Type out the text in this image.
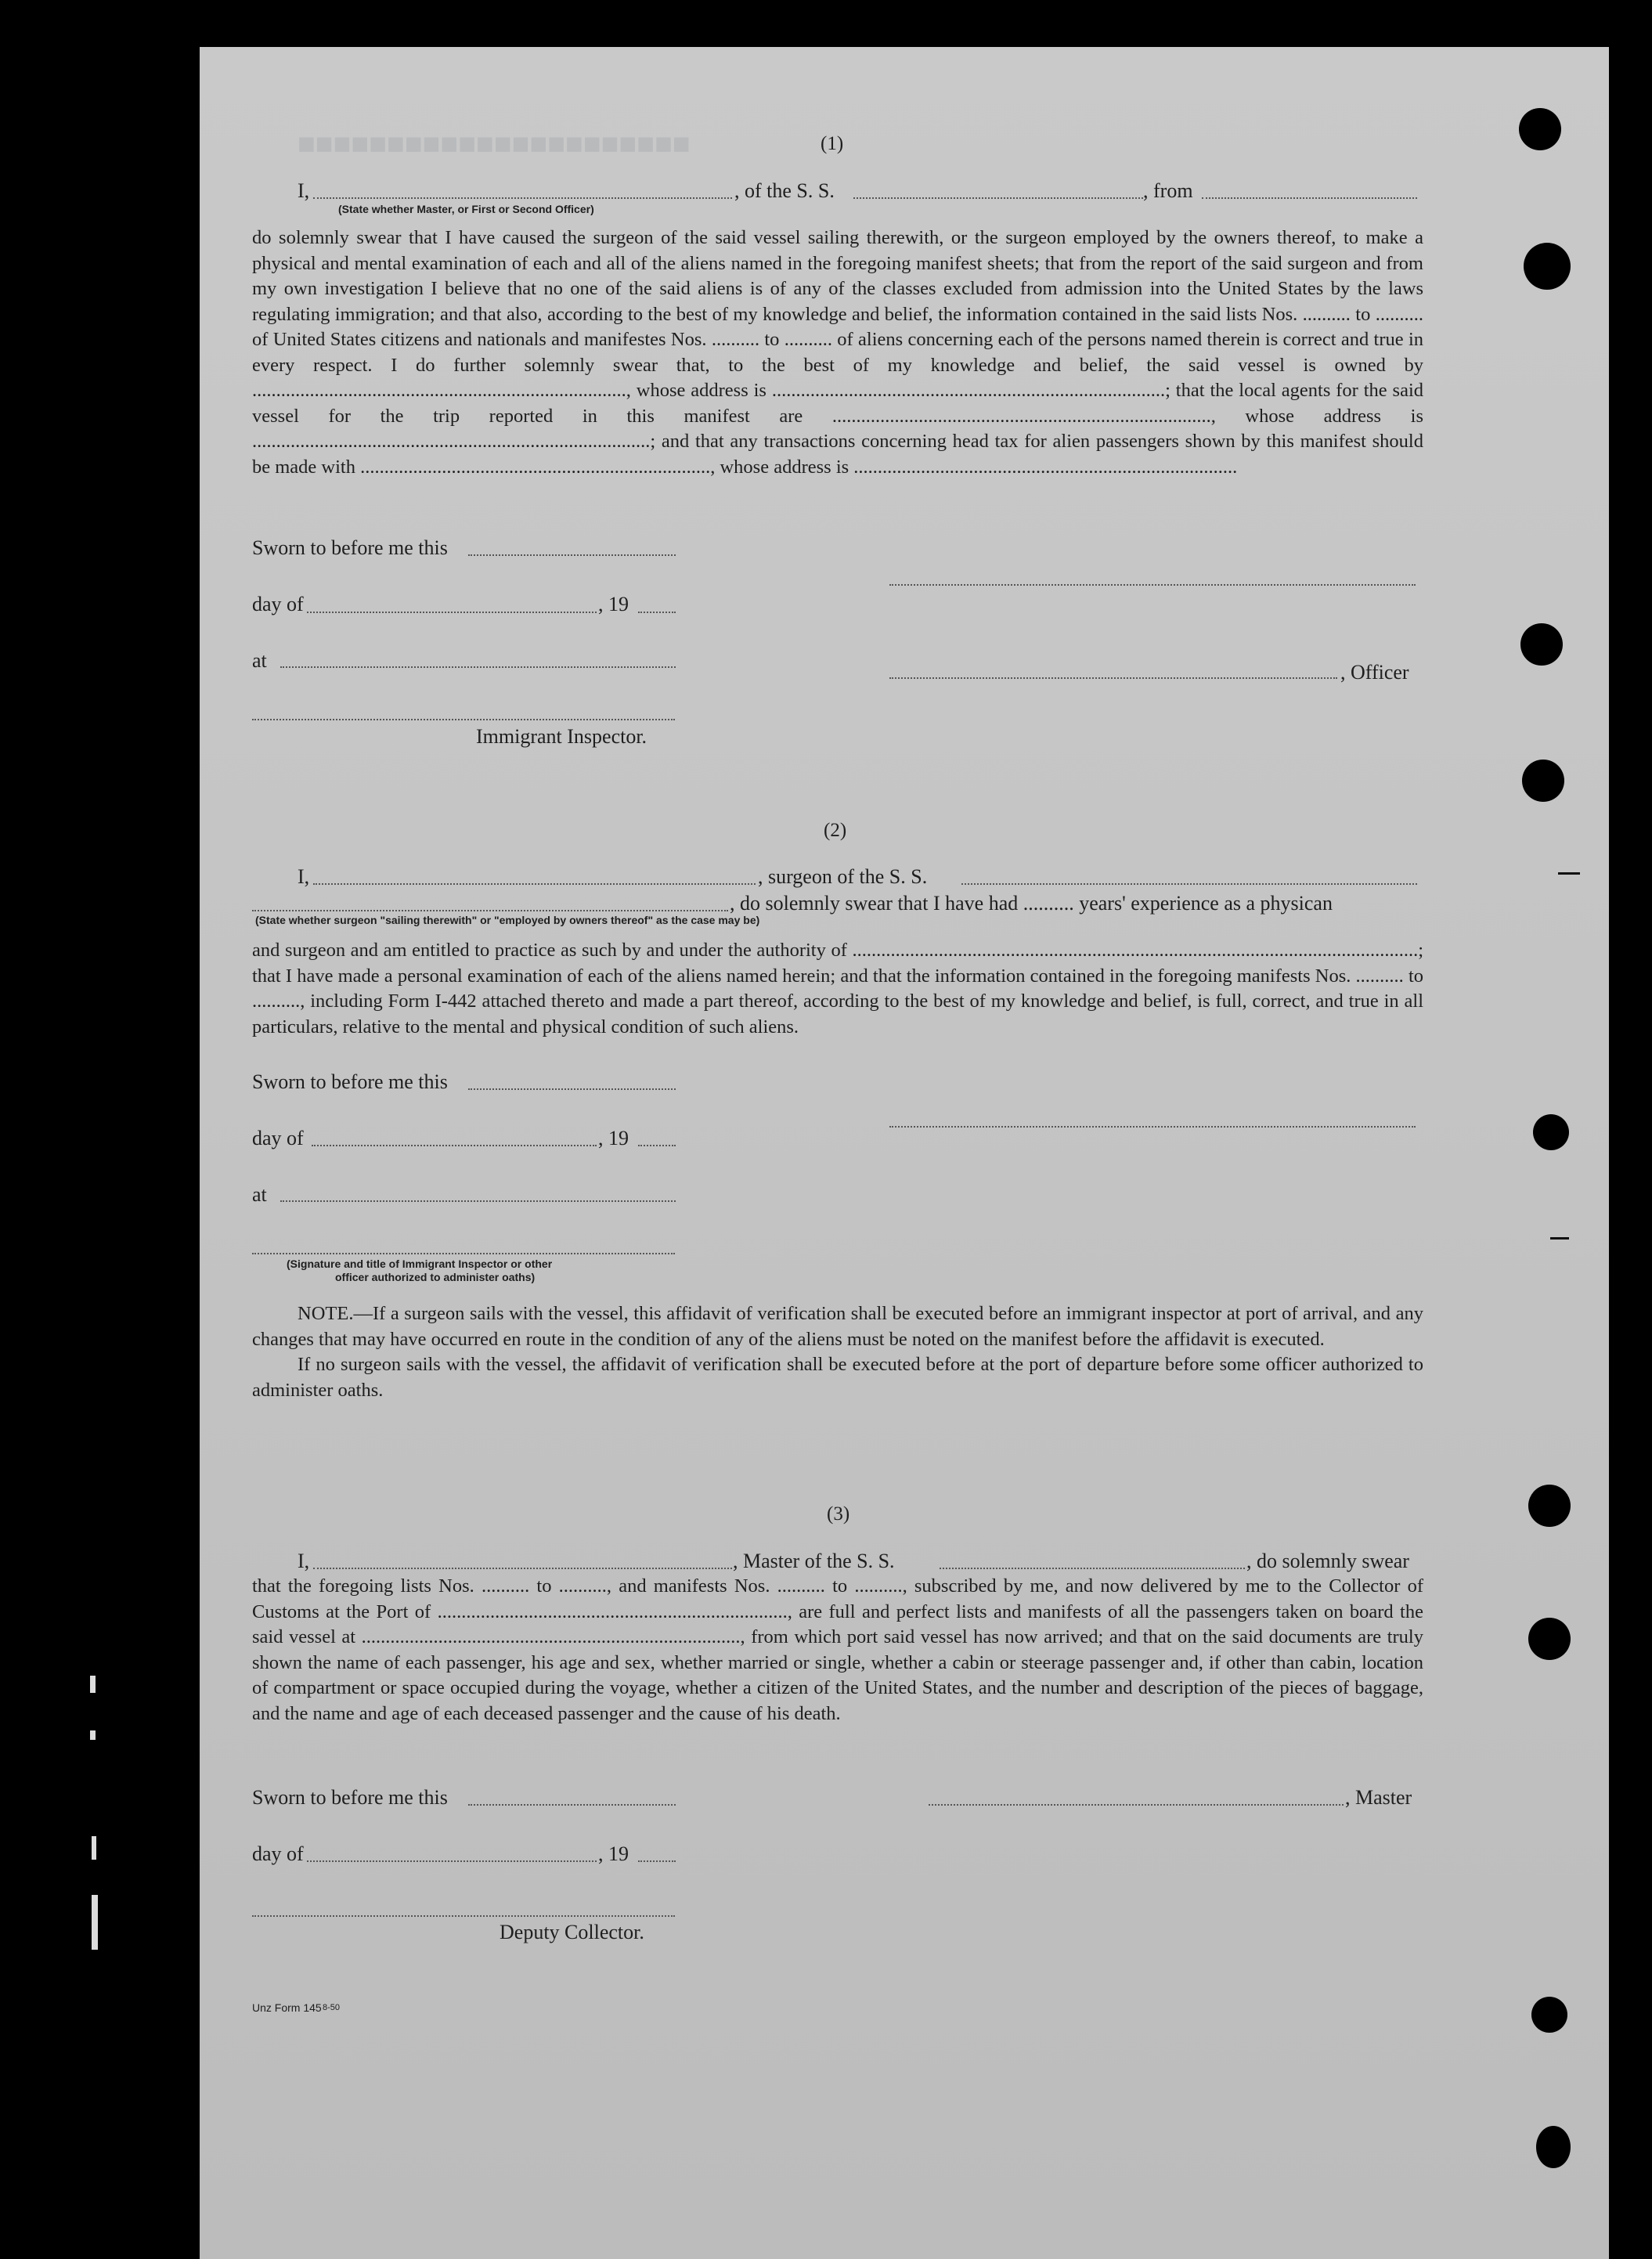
■■■■■■■■■■■■■■■■■■■■■■	(1)
I,	, of the S. S.	, from
(State whether Master, or First or Second Officer)

do solemnly swear that I have caused the surgeon of the said vessel sailing therewith, or the surgeon employed by the owners thereof, to make a physical and mental examination of each and all of the aliens named in the foregoing manifest sheets; that from the report of the said surgeon and from my own investigation I believe that no one of the said aliens is of any of the classes excluded from admission into the United States by the laws regulating immigration; and that also, according to the best of my knowledge and belief, the information contained in the said lists Nos. .......... to .......... of United States citizens and nationals and manifestes Nos. .......... to .......... of aliens concerning each of the persons named therein is correct and true in every respect. I do further solemnly swear that, to the best of my knowledge and belief, the said vessel is owned by .............................................................................., whose address is ..................................................................................; that the local agents for the said vessel for the trip reported in this manifest are ..............................................................................., whose address is ...................................................................................; and that any transactions concerning head tax for alien passengers shown by this manifest should be made with ........................................................................., whose address is ................................................................................

Sworn to before me this
day of	, 19
at
, Officer
Immigrant Inspector.
(2)
I,	, surgeon of the S. S.
, do solemnly swear that I have had .......... years' experience as a physican
(State whether surgeon "sailing therewith" or "employed by owners thereof" as the case may be)

and surgeon and am entitled to practice as such by and under the authority of ......................................................................................................................; that I have made a personal examination of each of the aliens named herein; and that the information contained in the foregoing manifests Nos. .......... to .........., including Form I-442 attached thereto and made a part thereof, according to the best of my knowledge and belief, is full, correct, and true in all particulars, relative to the mental and physical condition of such aliens.

Sworn to before me this
day of	, 19
at
(Signature and title of Immigrant Inspector or other
officer authorized to administer oaths)

NOTE.—If a surgeon sails with the vessel, this affidavit of verification shall be executed before an immigrant inspector at port of arrival, and any changes that may have occurred en route in the condition of any of the aliens must be noted on the manifest before the affidavit is executed.

If no surgeon sails with the vessel, the affidavit of verification shall be executed before at the port of departure before some officer authorized to administer oaths.

(3)
I,	, Master of the S. S.	, do solemnly swear

that the foregoing lists Nos. .......... to .........., and manifests Nos. .......... to .........., subscribed by me, and now delivered by me to the Collector of Customs at the Port of ........................................................................., are full and perfect lists and manifests of all the passengers taken on board the said vessel at ..............................................................................., from which port said vessel has now arrived; and that on the said documents are truly shown the name of each passenger, his age and sex, whether married or single, whether a cabin or steerage passenger and, if other than cabin, location of compartment or space occupied during the voyage, whether a citizen of the United States, and the number and description of the pieces of baggage, and the name and age of each deceased passenger and the cause of his death.

Sworn to before me this	, Master
day of	, 19
Deputy Collector.
Unz Form 145 8-50
